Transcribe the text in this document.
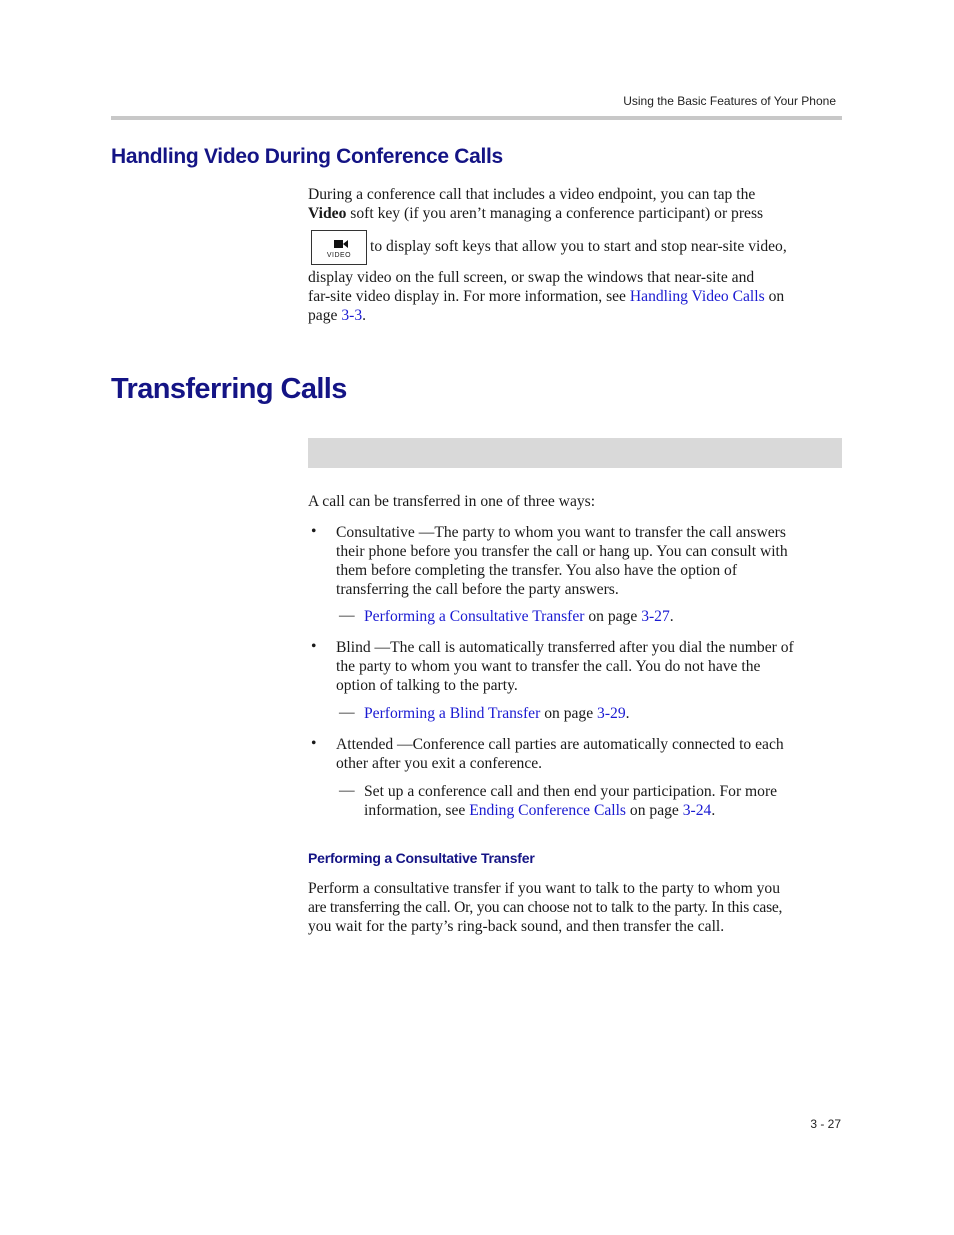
Using the Basic Features of Your Phone
Handling Video During Conference Calls
During a conference call that includes a video endpoint, you can tap the
Video soft key (if you aren’t managing a conference participant) or press
VIDEO
to display soft keys that allow you to start and stop near-site video,
display video on the full screen, or swap the windows that near-site and
far-site video display in. For more information, see Handling Video Calls on
page 3-3.
Transferring Calls
A call can be transferred in one of three ways:
• Consultative —The party to whom you want to transfer the call answers
their phone before you transfer the call or hang up. You can consult with
them before completing the transfer. You also have the option of
transferring the call before the party answers.
— Performing a Consultative Transfer on page 3-27.
• Blind —The call is automatically transferred after you dial the number of
the party to whom you want to transfer the call. You do not have the
option of talking to the party.
— Performing a Blind Transfer on page 3-29.
• Attended —Conference call parties are automatically connected to each
other after you exit a conference.
— Set up a conference call and then end your participation. For more
information, see Ending Conference Calls on page 3-24.
Performing a Consultative Transfer
Perform a consultative transfer if you want to talk to the party to whom you
are transferring the call. Or, you can choose not to talk to the party. In this case,
you wait for the party’s ring-back sound, and then transfer the call.
3 - 27
